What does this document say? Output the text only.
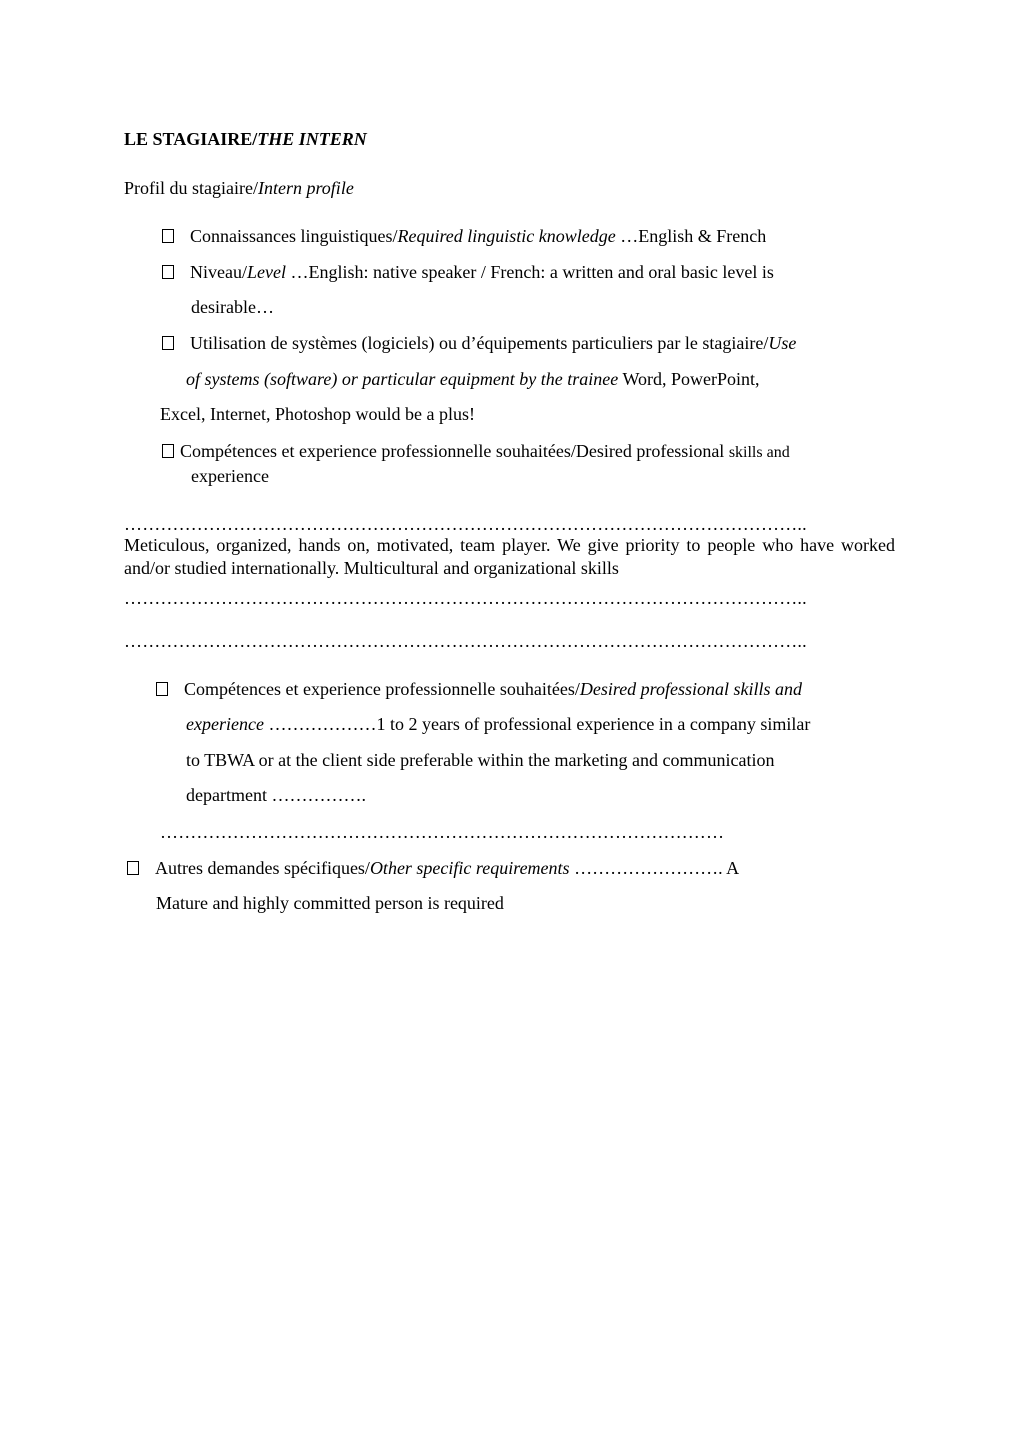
LE STAGIAIRE/THE INTERN
Profil du stagiaire/Intern profile
Connaissances linguistiques/Required linguistic knowledge …English & French
Niveau/Level …English: native speaker / French: a written and oral basic level is
desirable…
Utilisation de systèmes (logiciels) ou d’équipements particuliers par le stagiaire/Use
of systems (software) or particular equipment by the trainee Word, PowerPoint,
Excel, Internet, Photoshop would be a plus!
Compétences et experience professionnelle souhaitées/Desired professional skills and
experience
…………………………………………………………………………………………………..
Meticulous, organized, hands on, motivated, team player. We give priority to people who have worked and/or studied internationally. Multicultural and organizational skills
…………………………………………………………………………………………………..
…………………………………………………………………………………………………..
Compétences et experience professionnelle souhaitées/Desired professional skills and
experience ………………1 to 2 years of professional experience in a company similar
to TBWA or at the client side preferable within the marketing and communication
department …………….
…………………………………………………………………………………
Autres demandes spécifiques/Other specific requirements ……………………. A
Mature and highly committed person is required
